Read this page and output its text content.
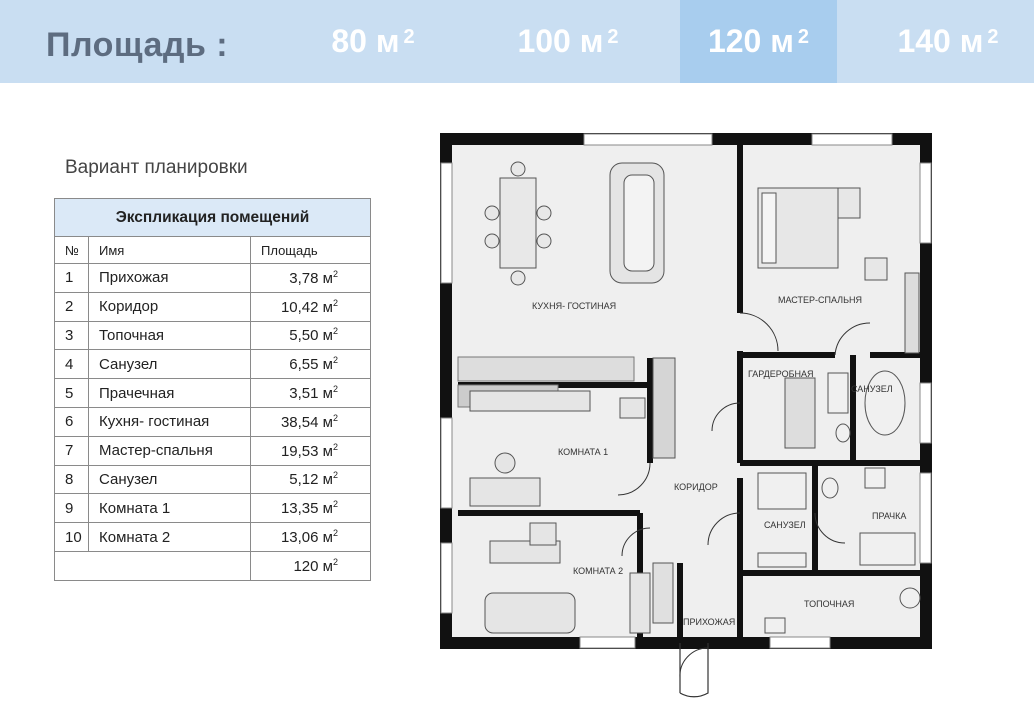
Площадь :	80 $м^2$	100 $м^2$	120 $м^2$	140 $м^2$
Вариант планировки
Экспликация помещений		
№	Имя	Площадь
1	Прихожая	3,78 $м^2$
2	Коридор	10,42 $м^2$
3	Топочная	5,50 $м^2$
4	Санузел	6,55 $м^2$
5	Прачечная	3,51 $м^2$
6	Кухня- гостиная	38,54 $м^2$
7	Мастер-спальня	19,53 $м^2$
8	Санузел	5,12 $м^2$
9	Комната 1	13,35 $м^2$
10	Комната 2	13,06 $м^2$
		120 $м^2$
КУХНЯ- ГОСТИНАЯ
МАСТЕР-СПАЛЬНЯ
ГАРДЕРОБНАЯ
САНУЗЕЛ
КОМНАТА 1
КОРИДОР
САНУЗЕЛ
ПРАЧКА
КОМНАТА 2
ТОПОЧНАЯ
ПРИХОЖАЯ
